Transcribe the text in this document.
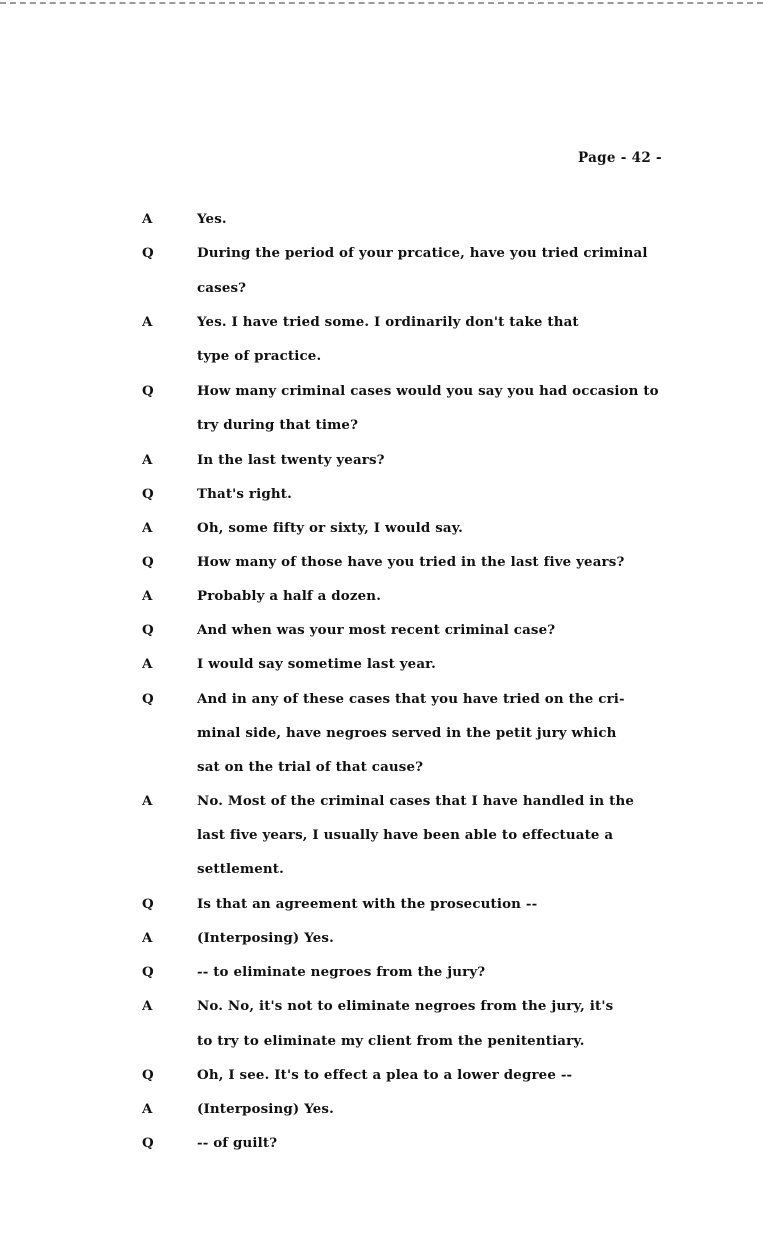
Page - 42 -
A	Yes.
Q	During the period of your prcatice, have you tried criminal
cases?
A	Yes. I have tried some. I ordinarily don't take that
type of practice.
Q	How many criminal cases would you say you had occasion to
try during that time?
A	In the last twenty years?
Q	That's right.
A	Oh, some fifty or sixty, I would say.
Q	How many of those have you tried in the last five years?
A	Probably a half a dozen.
Q	And when was your most recent criminal case?
A	I would say sometime last year.
Q	And in any of these cases that you have tried on the cri-
minal side, have negroes served in the petit jury which
sat on the trial of that cause?
A	No. Most of the criminal cases that I have handled in the
last five years, I usually have been able to effectuate a
settlement.
Q	Is that an agreement with the prosecution --
A	(Interposing) Yes.
Q	-- to eliminate negroes from the jury?
A	No. No, it's not to eliminate negroes from the jury, it's
to try to eliminate my client from the penitentiary.
Q	Oh, I see. It's to effect a plea to a lower degree --
A	(Interposing) Yes.
Q	-- of guilt?
